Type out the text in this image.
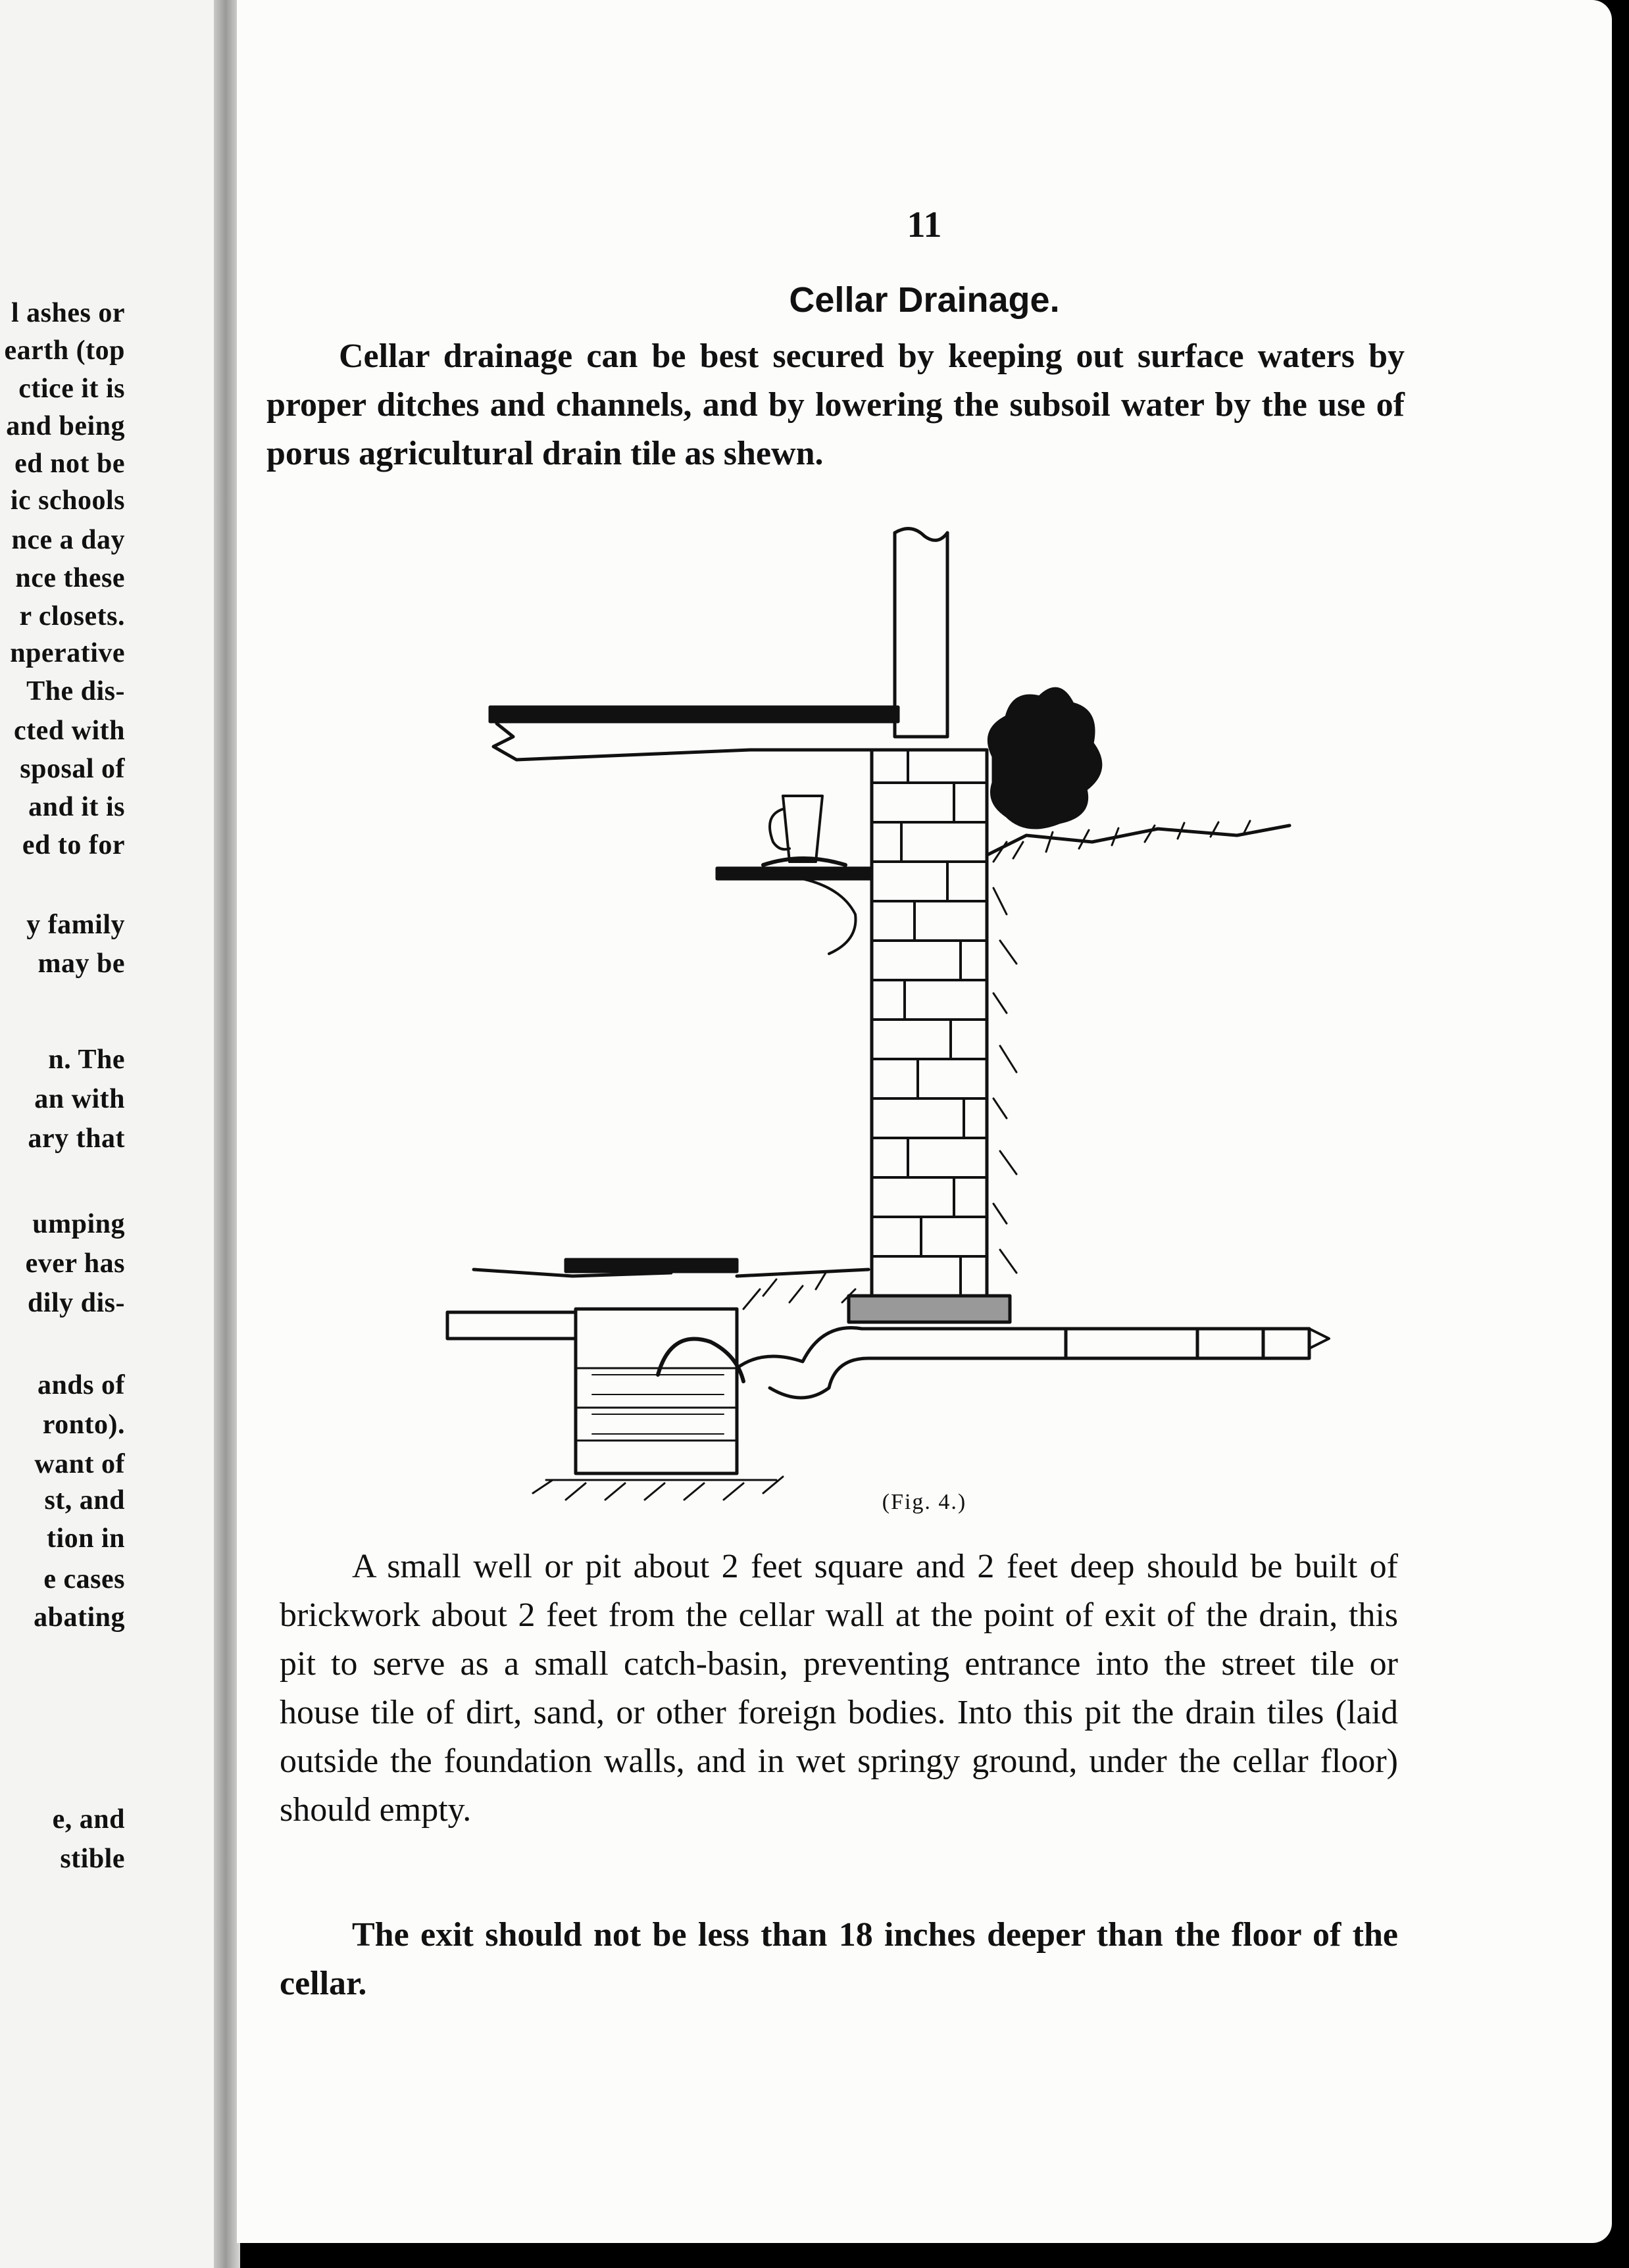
l ashes or
earth (top
ctice it is
and being
ed not be
ic schools
nce a day
nce these
r closets.
nperative
The dis-
cted with
sposal of
and it is
ed to for
y family
may be
n. The
an with
ary that
umping
ever has
dily dis-
ands of
ronto).
want of
st, and
tion in
e cases
abating
e, and
stible
11
Cellar Drainage.
Cellar drainage can be best secured by keeping out surface waters by proper ditches and channels, and by lowering the subsoil water by the use of porus agricultural drain tile as shewn.
(Fig. 4.)
A small well or pit about 2 feet square and 2 feet deep should be built of brickwork about 2 feet from the cellar wall at the point of exit of the drain, this pit to serve as a small catch-basin, preventing entrance into the street tile or house tile of dirt, sand, or other foreign bodies. Into this pit the drain tiles (laid outside the foundation walls, and in wet springy ground, under the cellar floor) should empty.
The exit should not be less than 18 inches deeper than the floor of the cellar.
